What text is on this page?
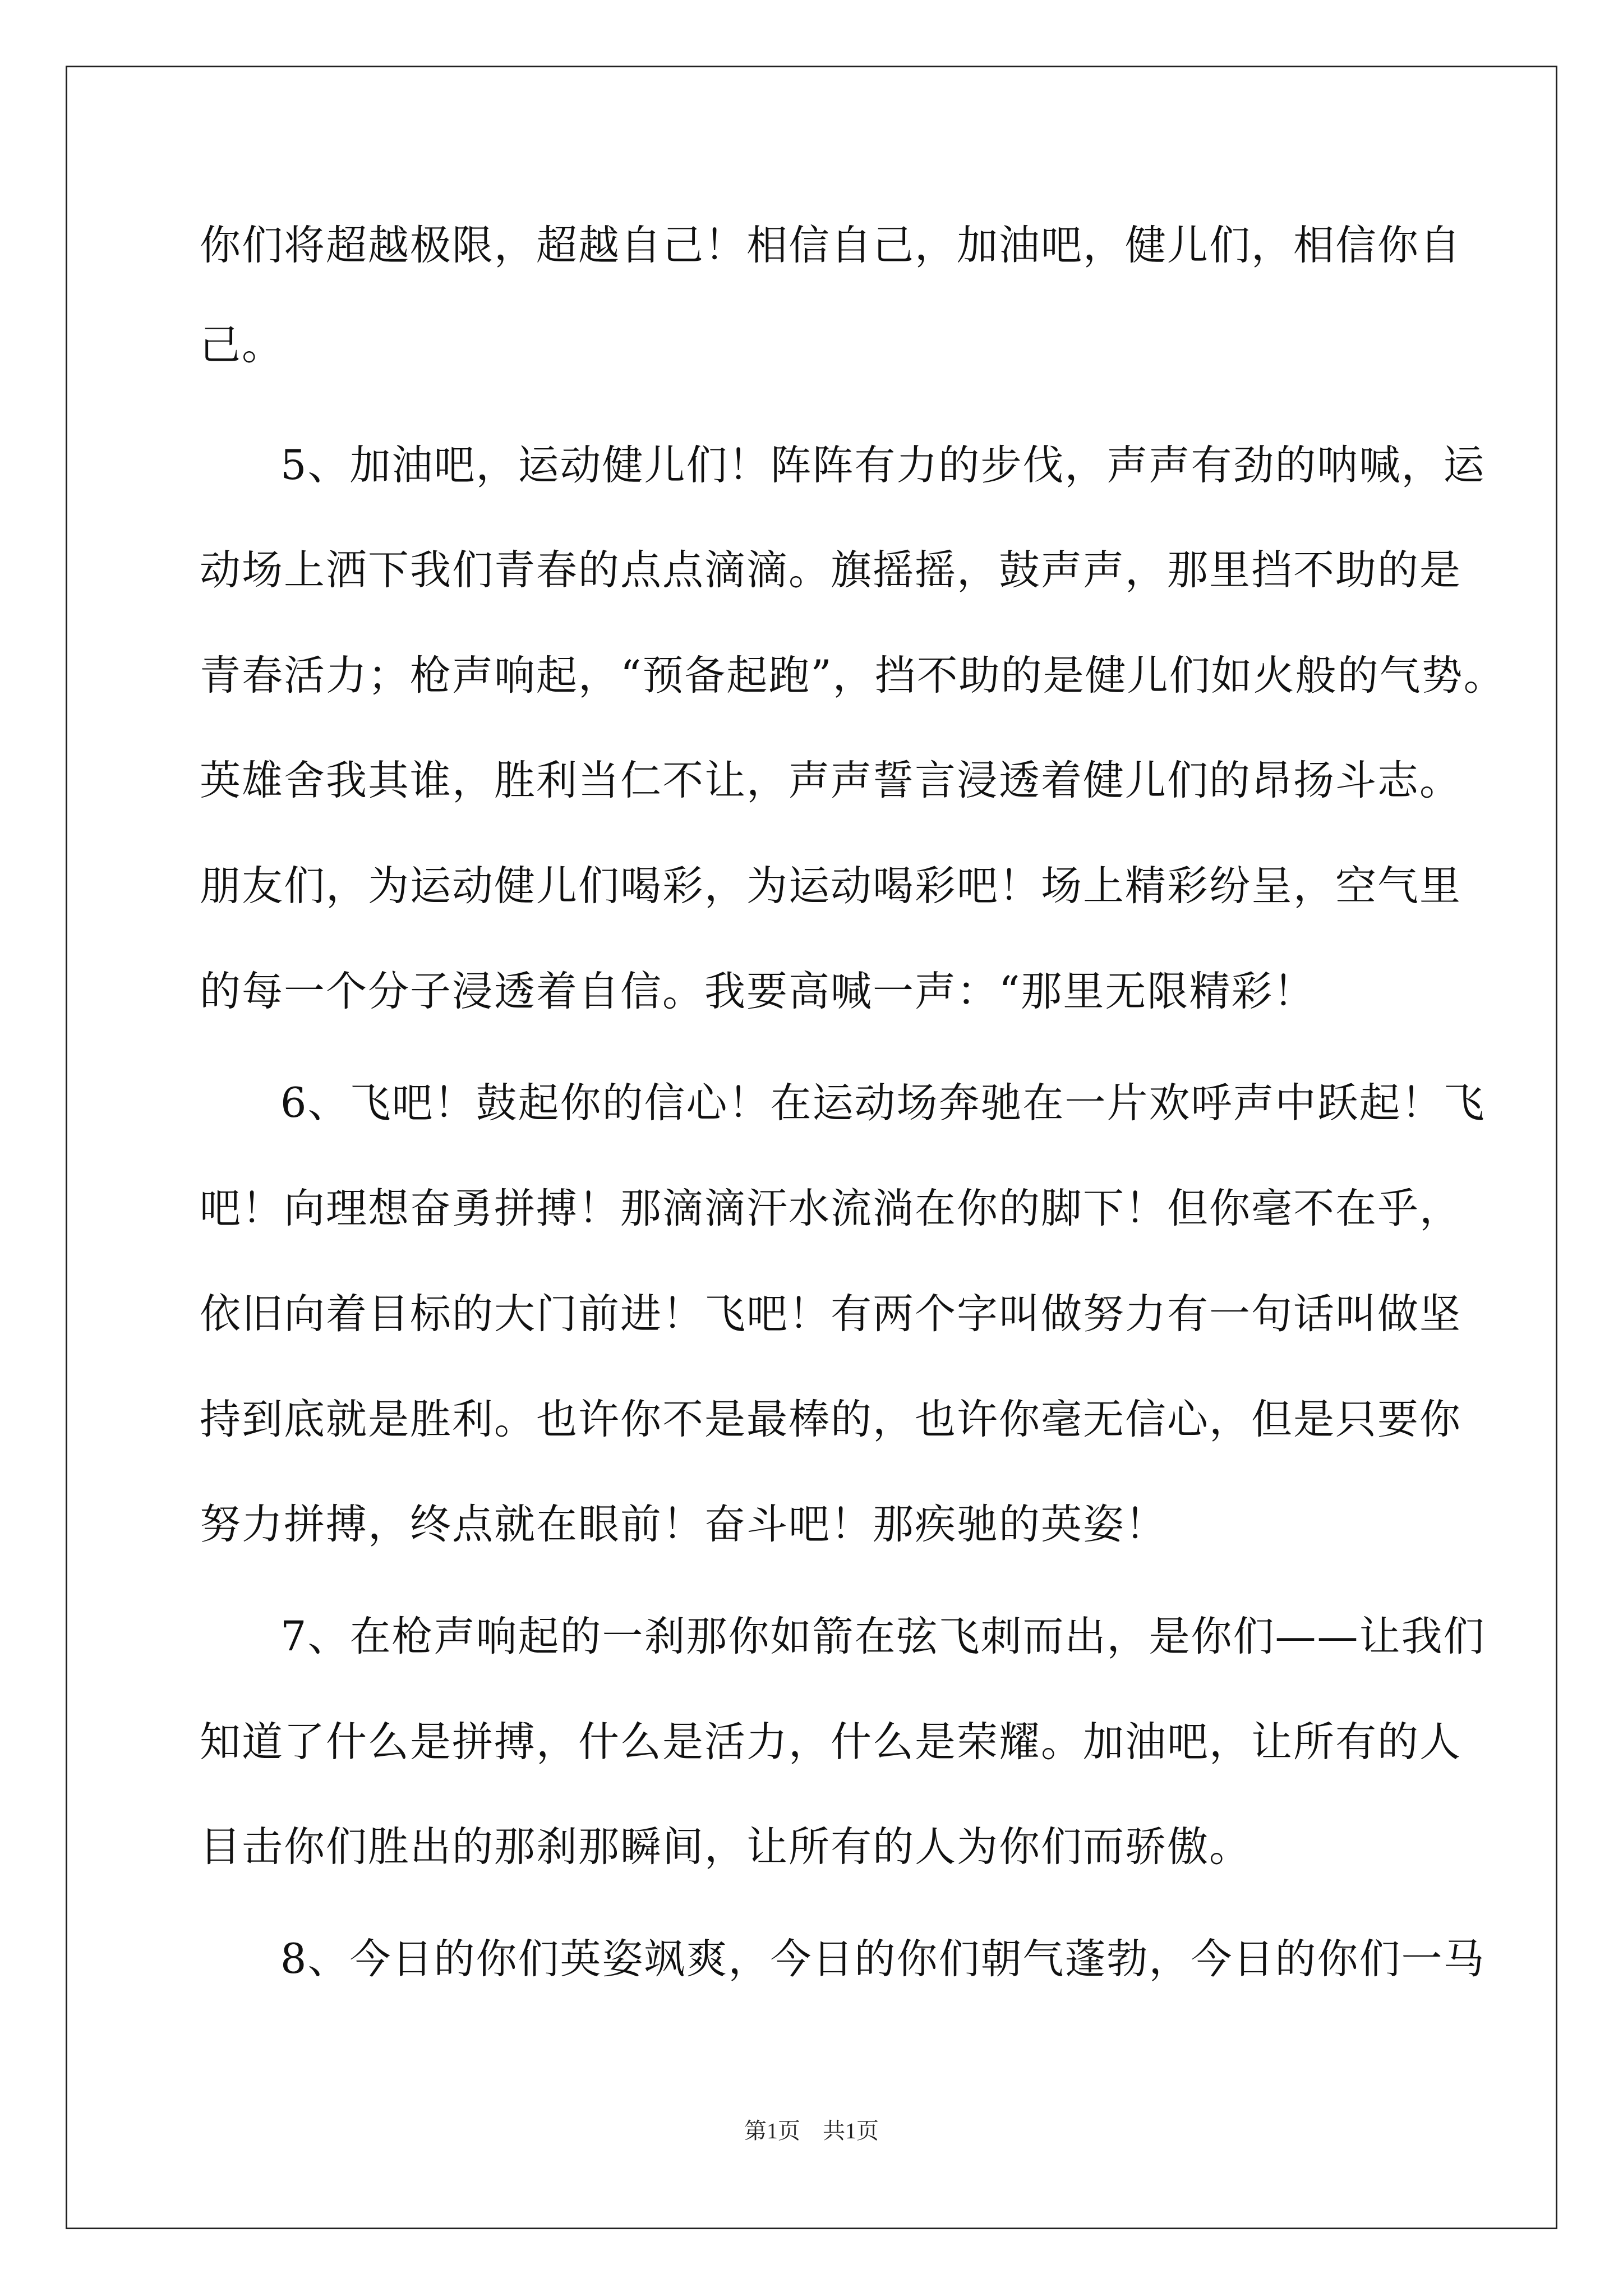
你们将超越极限，超越自己！相信自己，加油吧，健儿们，相信你自
己。
5、加油吧，运动健儿们！阵阵有力的步伐，声声有劲的呐喊，运
动场上洒下我们青春的点点滴滴。旗摇摇，鼓声声，那里挡不助的是
青春活力；枪声响起，“预备起跑”，挡不助的是健儿们如火般的气势。
英雄舍我其谁，胜利当仁不让，声声誓言浸透着健儿们的昂扬斗志。
朋友们，为运动健儿们喝彩，为运动喝彩吧！场上精彩纷呈，空气里
的每一个分子浸透着自信。我要高喊一声：“那里无限精彩！
6、飞吧！鼓起你的信心！在运动场奔驰在一片欢呼声中跃起！飞
吧！向理想奋勇拼搏！那滴滴汗水流淌在你的脚下！但你毫不在乎，
依旧向着目标的大门前进！飞吧！有两个字叫做努力有一句话叫做坚
持到底就是胜利。也许你不是最棒的，也许你毫无信心，但是只要你
努力拼搏，终点就在眼前！奋斗吧！那疾驰的英姿！
7、在枪声响起的一刹那你如箭在弦飞刺而出，是你们——让我们
知道了什么是拼搏，什么是活力，什么是荣耀。加油吧，让所有的人
目击你们胜出的那刹那瞬间，让所有的人为你们而骄傲。
8、今日的你们英姿飒爽，今日的你们朝气蓬勃，今日的你们一马
第1页　共1页
